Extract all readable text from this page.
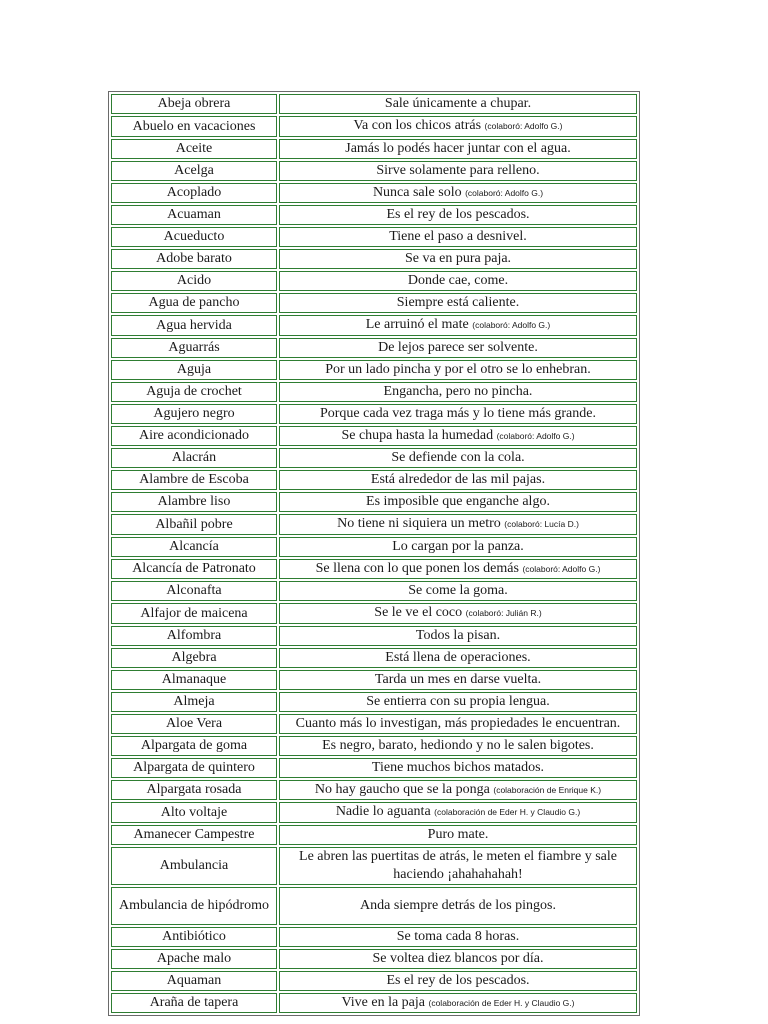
Abeja obrera	Sale únicamente a chupar.
Abuelo en vacaciones	Va con los chicos atrás (colaboró: Adolfo G.)
Aceite	Jamás lo podés hacer juntar con el agua.
Acelga	Sirve solamente para relleno.
Acoplado	Nunca sale solo (colaboró: Adolfo G.)
Acuaman	Es el rey de los pescados.
Acueducto	Tiene el paso a desnivel.
Adobe barato	Se va en pura paja.
Acido	Donde cae, come.
Agua de pancho	Siempre está caliente.
Agua hervida	Le arruinó el mate (colaboró: Adolfo G.)
Aguarrás	De lejos parece ser solvente.
Aguja	Por un lado pincha y por el otro se lo enhebran.
Aguja de crochet	Engancha, pero no pincha.
Agujero negro	Porque cada vez traga más y lo tiene más grande.
Aire acondicionado	Se chupa hasta la humedad (colaboró: Adolfo G.)
Alacrán	Se defiende con la cola.
Alambre de Escoba	Está alrededor de las mil pajas.
Alambre liso	Es imposible que enganche algo.
Albañil pobre	No tiene ni siquiera un metro (colaboró: Lucía D.)
Alcancía	Lo cargan por la panza.
Alcancía de Patronato	Se llena con lo que ponen los demás (colaboró: Adolfo G.)
Alconafta	Se come la goma.
Alfajor de maicena	Se le ve el coco (colaboró: Julián R.)
Alfombra	Todos la pisan.
Algebra	Está llena de operaciones.
Almanaque	Tarda un mes en darse vuelta.
Almeja	Se entierra con su propia lengua.
Aloe Vera	Cuanto más lo investigan, más propiedades le encuentran.
Alpargata de goma	Es negro, barato, hediondo y no le salen bigotes.
Alpargata de quintero	Tiene muchos bichos matados.
Alpargata rosada	No hay gaucho que se la ponga (colaboración de Enrique K.)
Alto voltaje	Nadie lo aguanta (colaboración de Eder H. y Claudio G.)
Amanecer Campestre	Puro mate.
Ambulancia	Le abren las puertitas de atrás, le meten el fiambre y sale haciendo ¡ahahahahah!
Ambulancia de hipódromo	Anda siempre detrás de los pingos.
Antibiótico	Se toma cada 8 horas.
Apache malo	Se voltea diez blancos por día.
Aquaman	Es el rey de los pescados.
Araña de tapera	Vive en la paja (colaboración de Eder H. y Claudio G.)
